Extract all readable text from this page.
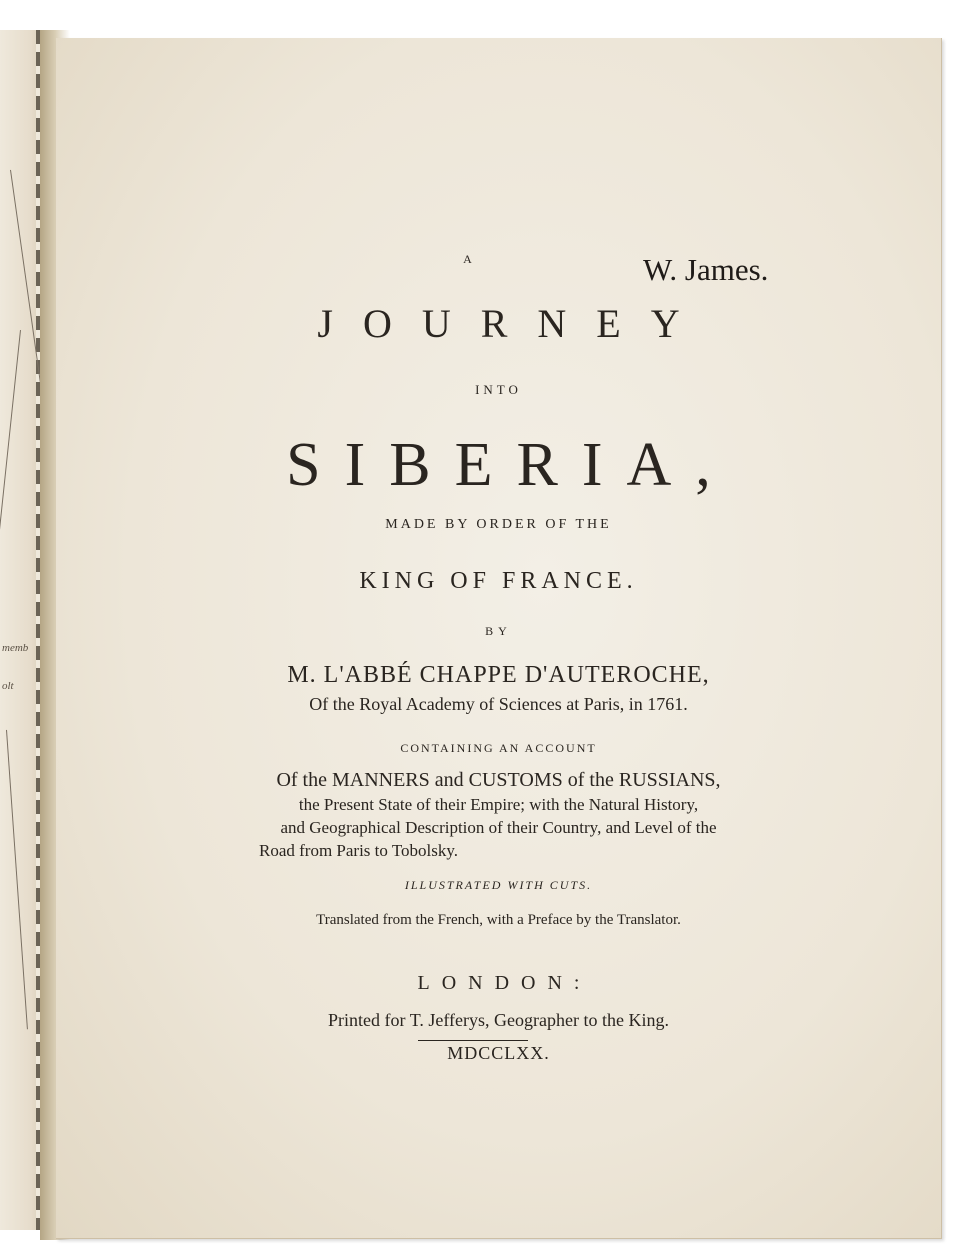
memb
olt
W. James.
A
JOURNEY
INTO
SIBERIA,
MADE BY ORDER OF THE
KING OF FRANCE.
BY
M. L'ABBÉ CHAPPE D'AUTEROCHE,
Of the Royal Academy of Sciences at Paris, in 1761.
CONTAINING AN ACCOUNT
Of the MANNERS and CUSTOMS of the RUSSIANS,
the Present State of their Empire; with the Natural History,
and Geographical Description of their Country, and Level of the
Road from Paris to Tobolsky.
ILLUSTRATED WITH CUTS.
Translated from the French, with a Preface by the Translator.
LONDON:
Printed for T. Jefferys, Geographer to the King.
MDCCLXX.
